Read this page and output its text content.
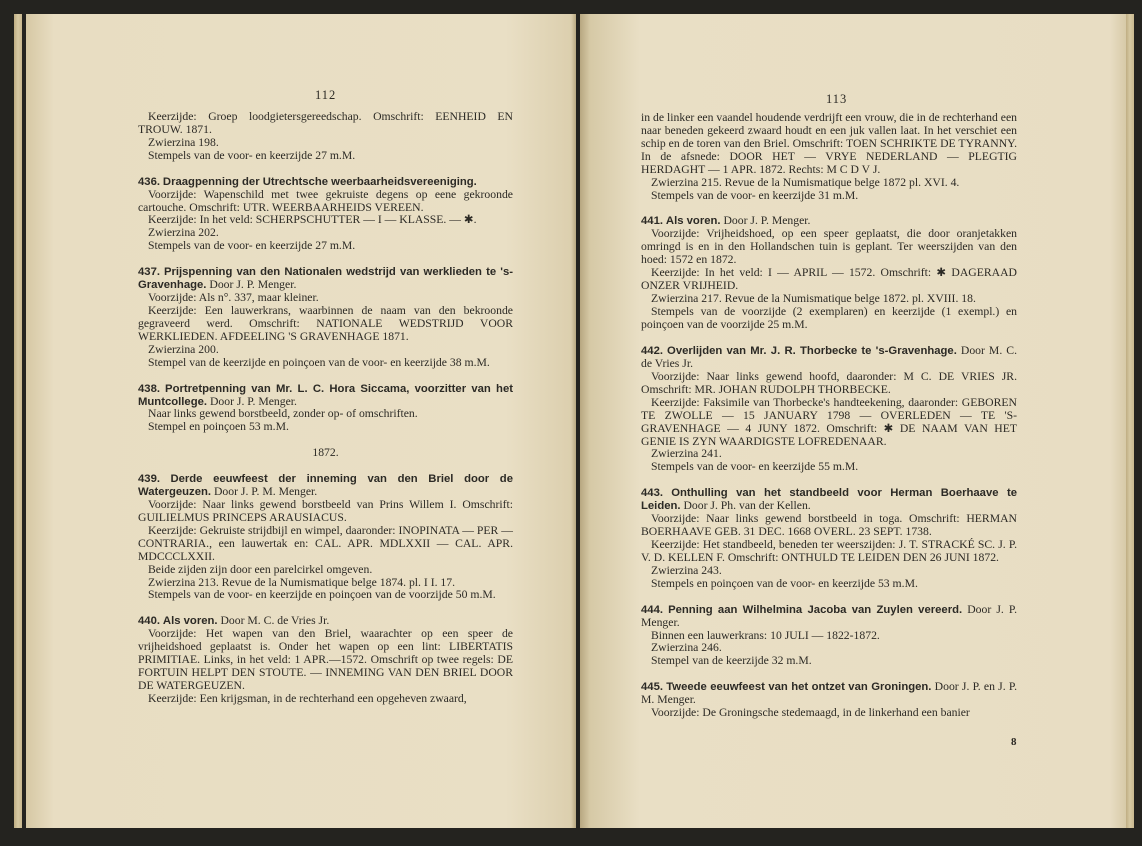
112

Keerzijde: Groep loodgietersgereedschap. Omschrift: EENHEID EN TROUW. 1871.

Zwierzina 198.

Stempels van de voor- en keerzijde 27 m.M.

436. Draagpenning der Utrechtsche weerbaarheidsvereeniging.

Voorzijde: Wapenschild met twee gekruiste degens op eene gekroonde cartouche. Omschrift: UTR. WEERBAARHEIDS VEREEN.

Keerzijde: In het veld: SCHERPSCHUTTER — I — KLASSE. — ✱.

Zwierzina 202.

Stempels van de voor- en keerzijde 27 m.M.

437. Prijspenning van den Nationalen wedstrijd van werklieden te 's-Gravenhage. Door J. P. Menger.

Voorzijde: Als n°. 337, maar kleiner.

Keerzijde: Een lauwerkrans, waarbinnen de naam van den bekroonde gegraveerd werd. Omschrift: NATIONALE WEDSTRIJD VOOR WERKLIEDEN. AFDEELING 'S GRAVENHAGE 1871.

Zwierzina 200.

Stempel van de keerzijde en poinçoen van de voor- en keerzijde 38 m.M.

438. Portretpenning van Mr. L. C. Hora Siccama, voorzitter van het Muntcollege. Door J. P. Menger.

Naar links gewend borstbeeld, zonder op- of omschriften.

Stempel en poinçoen 53 m.M.

1872.

439. Derde eeuwfeest der inneming van den Briel door de Watergeuzen. Door J. P. M. Menger.

Voorzijde: Naar links gewend borstbeeld van Prins Willem I. Omschrift: GUILIELMUS PRINCEPS ARAUSIACUS.

Keerzijde: Gekruiste strijdbijl en wimpel, daaronder: INOPINATA — PER — CONTRARIA., een lauwertak en: CAL. APR. MDLXXII — CAL. APR. MDCCCLXXII.

Beide zijden zijn door een parelcirkel omgeven.

Zwierzina 213. Revue de la Numismatique belge 1874. pl. I I. 17.

Stempels van de voor- en keerzijde en poinçoen van de voorzijde 50 m.M.

440. Als voren. Door M. C. de Vries Jr.

Voorzijde: Het wapen van den Briel, waarachter op een speer de vrijheidshoed geplaatst is. Onder het wapen op een lint: LIBERTATIS PRIMITIAE. Links, in het veld: 1 APR.—1572. Omschrift op twee regels: DE FORTUIN HELPT DEN STOUTE. — INNEMING VAN DEN BRIEL DOOR DE WATERGEUZEN.

Keerzijde: Een krijgsman, in de rechterhand een opgeheven zwaard,

113

in de linker een vaandel houdende verdrijft een vrouw, die in de rechterhand een naar beneden gekeerd zwaard houdt en een juk vallen laat. In het verschiet een schip en de toren van den Briel. Omschrift: TOEN SCHRIKTE DE TYRANNY. In de afsnede: DOOR HET — VRYE NEDERLAND — PLEGTIG HERDAGHT — 1 APR. 1872. Rechts: M C D V J.

Zwierzina 215. Revue de la Numismatique belge 1872 pl. XVI. 4.

Stempels van de voor- en keerzijde 31 m.M.

441. Als voren. Door J. P. Menger.

Voorzijde: Vrijheidshoed, op een speer geplaatst, die door oranjetakken omringd is en in den Hollandschen tuin is geplant. Ter weerszijden van den hoed: 1572 en 1872.

Keerzijde: In het veld: I — APRIL — 1572. Omschrift: ✱ DAGERAAD ONZER VRIJHEID.

Zwierzina 217. Revue de la Numismatique belge 1872. pl. XVIII. 18.

Stempels van de voorzijde (2 exemplaren) en keerzijde (1 exempl.) en poinçoen van de voorzijde 25 m.M.

442. Overlijden van Mr. J. R. Thorbecke te 's-Gravenhage. Door M. C. de Vries Jr.

Voorzijde: Naar links gewend hoofd, daaronder: M C. DE VRIES JR. Omschrift: MR. JOHAN RUDOLPH THORBECKE.

Keerzijde: Faksimile van Thorbecke's handteekening, daaronder: GEBOREN TE ZWOLLE — 15 JANUARY 1798 — OVERLEDEN — TE 'S-GRAVENHAGE — 4 JUNY 1872. Omschrift: ✱ DE NAAM VAN HET GENIE IS ZYN WAARDIGSTE LOFREDENAAR.

Zwierzina 241.

Stempels van de voor- en keerzijde 55 m.M.

443. Onthulling van het standbeeld voor Herman Boerhaave te Leiden. Door J. Ph. van der Kellen.

Voorzijde: Naar links gewend borstbeeld in toga. Omschrift: HERMAN BOERHAAVE GEB. 31 DEC. 1668 OVERL. 23 SEPT. 1738.

Keerzijde: Het standbeeld, beneden ter weerszijden: J. T. STRACKÉ SC. J. P. V. D. KELLEN F. Omschrift: ONTHULD TE LEIDEN DEN 26 JUNI 1872.

Zwierzina 243.

Stempels en poinçoen van de voor- en keerzijde 53 m.M.

444. Penning aan Wilhelmina Jacoba van Zuylen vereerd. Door J. P. Menger.

Binnen een lauwerkrans: 10 JULI — 1822-1872.

Zwierzina 246.

Stempel van de keerzijde 32 m.M.

445. Tweede eeuwfeest van het ontzet van Groningen. Door J. P. en J. P. M. Menger.

Voorzijde: De Groningsche stedemaagd, in de linkerhand een banier

8
